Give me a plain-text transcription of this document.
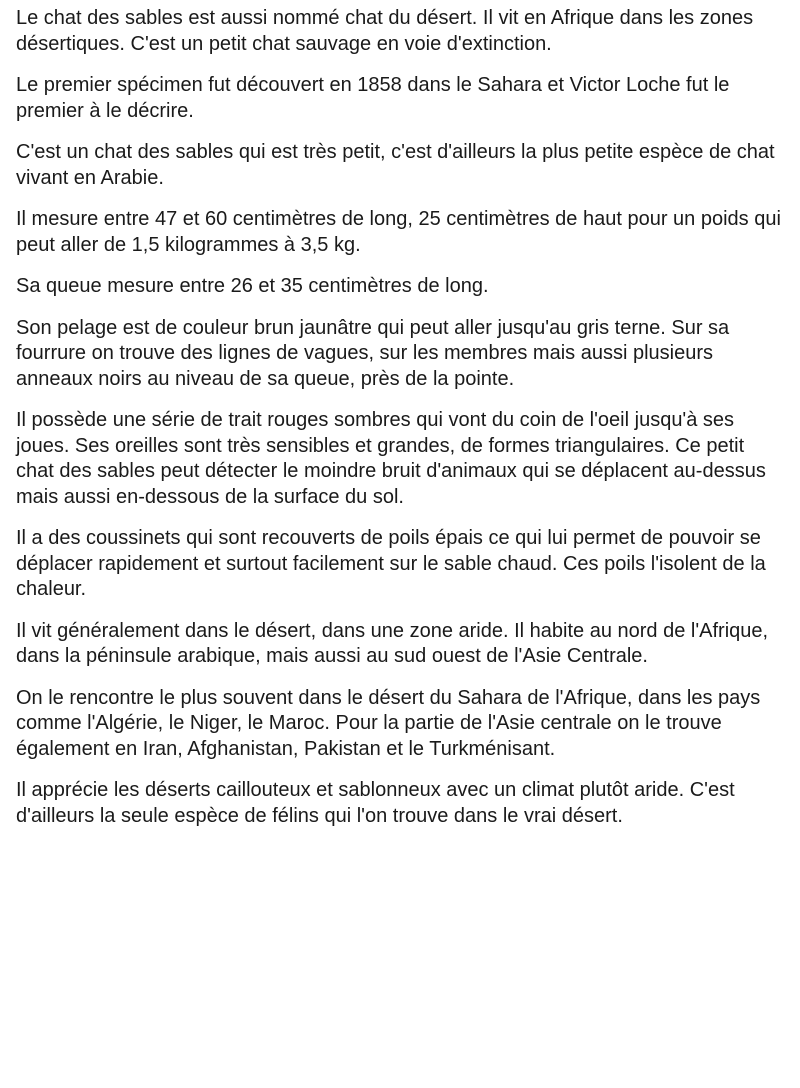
Le chat des sables est aussi nommé chat du désert. Il vit en Afrique dans les zones désertiques. C'est un petit chat sauvage en voie d'extinction.

Le premier spécimen fut découvert en 1858 dans le Sahara et Victor Loche fut le premier à le décrire.

C'est un chat des sables qui est très petit, c'est d'ailleurs la plus petite espèce de chat vivant en Arabie.

Il mesure entre 47 et 60 centimètres de long, 25 centimètres de haut pour un poids qui peut aller de 1,5 kilogrammes à 3,5 kg.

Sa queue mesure entre 26 et 35 centimètres de long.

Son pelage est de couleur brun jaunâtre qui peut aller jusqu'au gris terne. Sur sa fourrure on trouve des lignes de vagues, sur les membres mais aussi plusieurs anneaux noirs au niveau de sa queue, près de la pointe.

Il possède une série de trait rouges sombres qui vont du coin de l'oeil jusqu'à ses joues. Ses oreilles sont très sensibles et grandes, de formes triangulaires. Ce petit chat des sables peut détecter le moindre bruit d'animaux qui se déplacent au-dessus mais aussi en-dessous de la surface du sol.

Il a des coussinets qui sont recouverts de poils épais ce qui lui permet de pouvoir se déplacer rapidement et surtout facilement sur le sable chaud. Ces poils l'isolent de la chaleur.

Il vit généralement dans le désert, dans une zone aride. Il habite au nord de l'Afrique, dans la péninsule arabique, mais aussi au sud ouest de l'Asie Centrale.

On le rencontre le plus souvent dans le désert du Sahara de l'Afrique, dans les pays comme l'Algérie, le Niger, le Maroc. Pour la partie de l'Asie centrale on le trouve également en Iran, Afghanistan, Pakistan et le Turkménisant.

Il apprécie les déserts caillouteux et sablonneux avec un climat plutôt aride. C'est d'ailleurs la seule espèce de félins qui l'on trouve dans le vrai désert.
